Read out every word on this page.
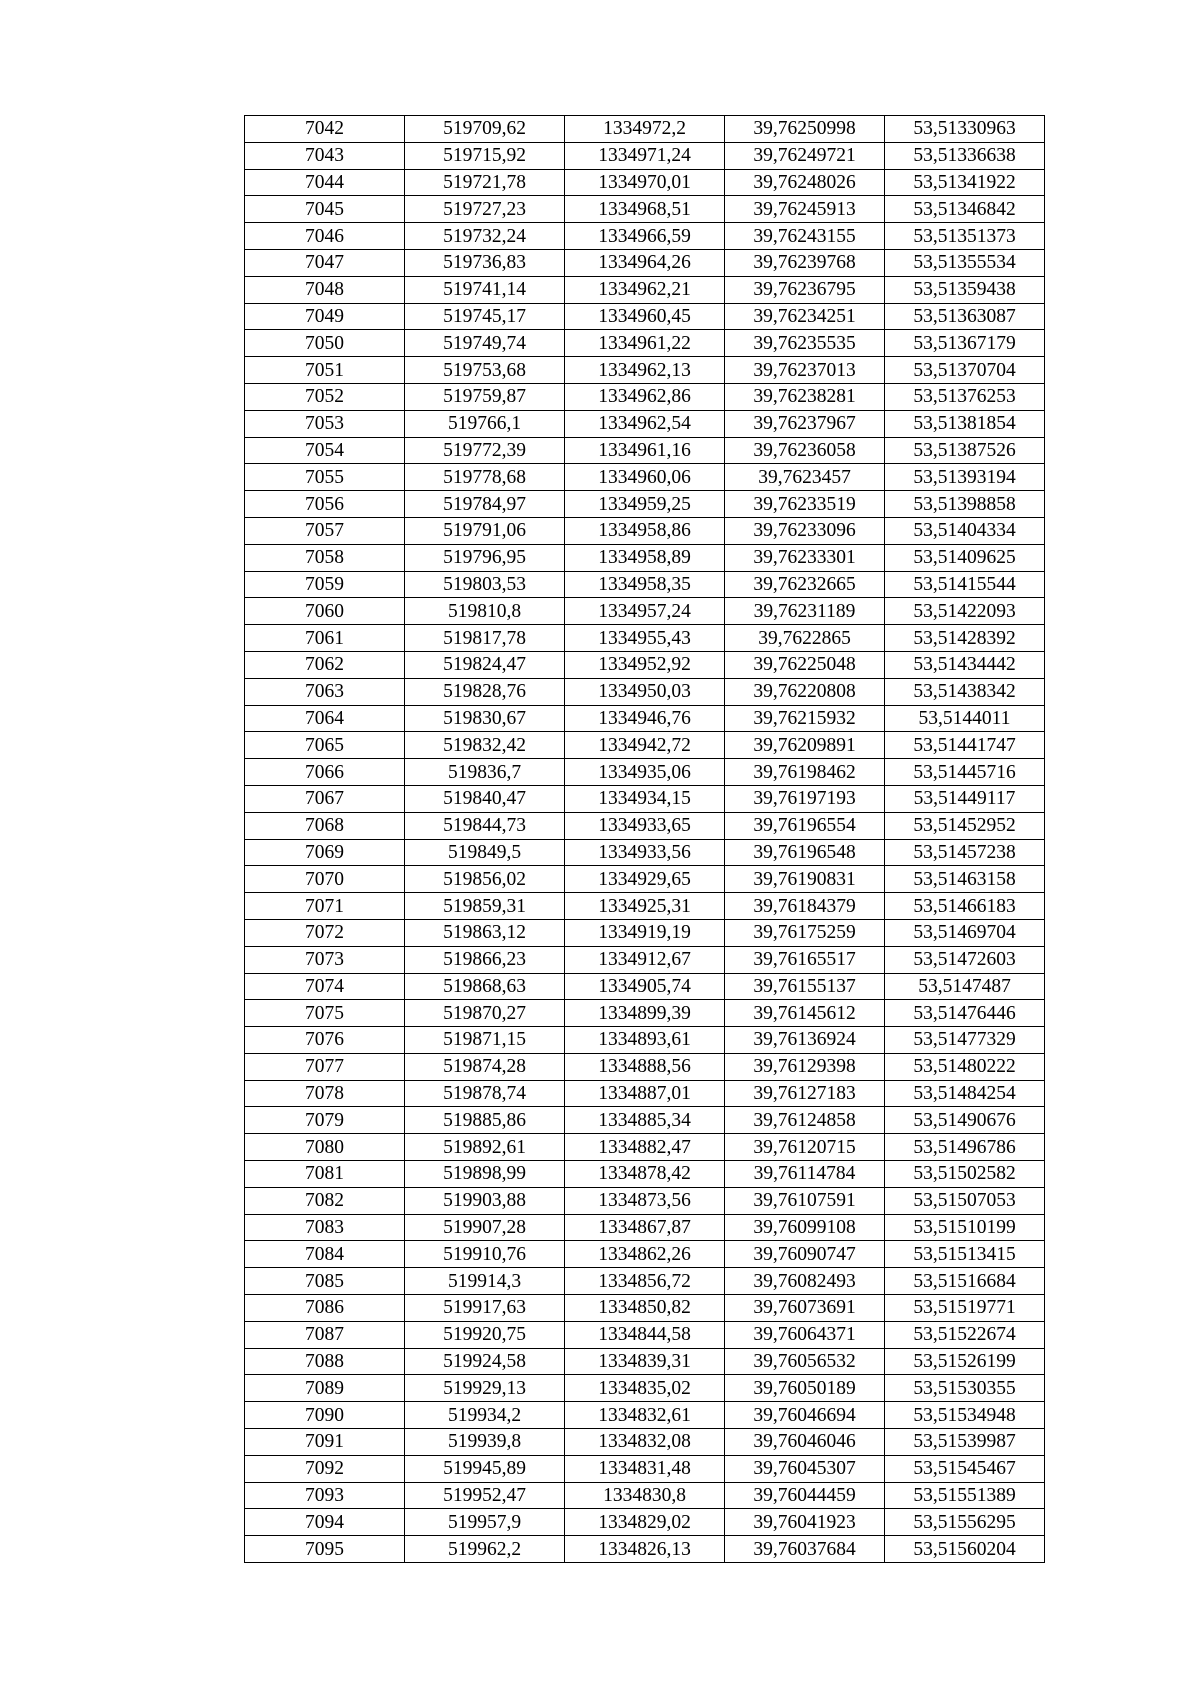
7042	519709,62	1334972,2	39,76250998	53,51330963
7043	519715,92	1334971,24	39,76249721	53,51336638
7044	519721,78	1334970,01	39,76248026	53,51341922
7045	519727,23	1334968,51	39,76245913	53,51346842
7046	519732,24	1334966,59	39,76243155	53,51351373
7047	519736,83	1334964,26	39,76239768	53,51355534
7048	519741,14	1334962,21	39,76236795	53,51359438
7049	519745,17	1334960,45	39,76234251	53,51363087
7050	519749,74	1334961,22	39,76235535	53,51367179
7051	519753,68	1334962,13	39,76237013	53,51370704
7052	519759,87	1334962,86	39,76238281	53,51376253
7053	519766,1	1334962,54	39,76237967	53,51381854
7054	519772,39	1334961,16	39,76236058	53,51387526
7055	519778,68	1334960,06	39,7623457	53,51393194
7056	519784,97	1334959,25	39,76233519	53,51398858
7057	519791,06	1334958,86	39,76233096	53,51404334
7058	519796,95	1334958,89	39,76233301	53,51409625
7059	519803,53	1334958,35	39,76232665	53,51415544
7060	519810,8	1334957,24	39,76231189	53,51422093
7061	519817,78	1334955,43	39,7622865	53,51428392
7062	519824,47	1334952,92	39,76225048	53,51434442
7063	519828,76	1334950,03	39,76220808	53,51438342
7064	519830,67	1334946,76	39,76215932	53,5144011
7065	519832,42	1334942,72	39,76209891	53,51441747
7066	519836,7	1334935,06	39,76198462	53,51445716
7067	519840,47	1334934,15	39,76197193	53,51449117
7068	519844,73	1334933,65	39,76196554	53,51452952
7069	519849,5	1334933,56	39,76196548	53,51457238
7070	519856,02	1334929,65	39,76190831	53,51463158
7071	519859,31	1334925,31	39,76184379	53,51466183
7072	519863,12	1334919,19	39,76175259	53,51469704
7073	519866,23	1334912,67	39,76165517	53,51472603
7074	519868,63	1334905,74	39,76155137	53,5147487
7075	519870,27	1334899,39	39,76145612	53,51476446
7076	519871,15	1334893,61	39,76136924	53,51477329
7077	519874,28	1334888,56	39,76129398	53,51480222
7078	519878,74	1334887,01	39,76127183	53,51484254
7079	519885,86	1334885,34	39,76124858	53,51490676
7080	519892,61	1334882,47	39,76120715	53,51496786
7081	519898,99	1334878,42	39,76114784	53,51502582
7082	519903,88	1334873,56	39,76107591	53,51507053
7083	519907,28	1334867,87	39,76099108	53,51510199
7084	519910,76	1334862,26	39,76090747	53,51513415
7085	519914,3	1334856,72	39,76082493	53,51516684
7086	519917,63	1334850,82	39,76073691	53,51519771
7087	519920,75	1334844,58	39,76064371	53,51522674
7088	519924,58	1334839,31	39,76056532	53,51526199
7089	519929,13	1334835,02	39,76050189	53,51530355
7090	519934,2	1334832,61	39,76046694	53,51534948
7091	519939,8	1334832,08	39,76046046	53,51539987
7092	519945,89	1334831,48	39,76045307	53,51545467
7093	519952,47	1334830,8	39,76044459	53,51551389
7094	519957,9	1334829,02	39,76041923	53,51556295
7095	519962,2	1334826,13	39,76037684	53,51560204
